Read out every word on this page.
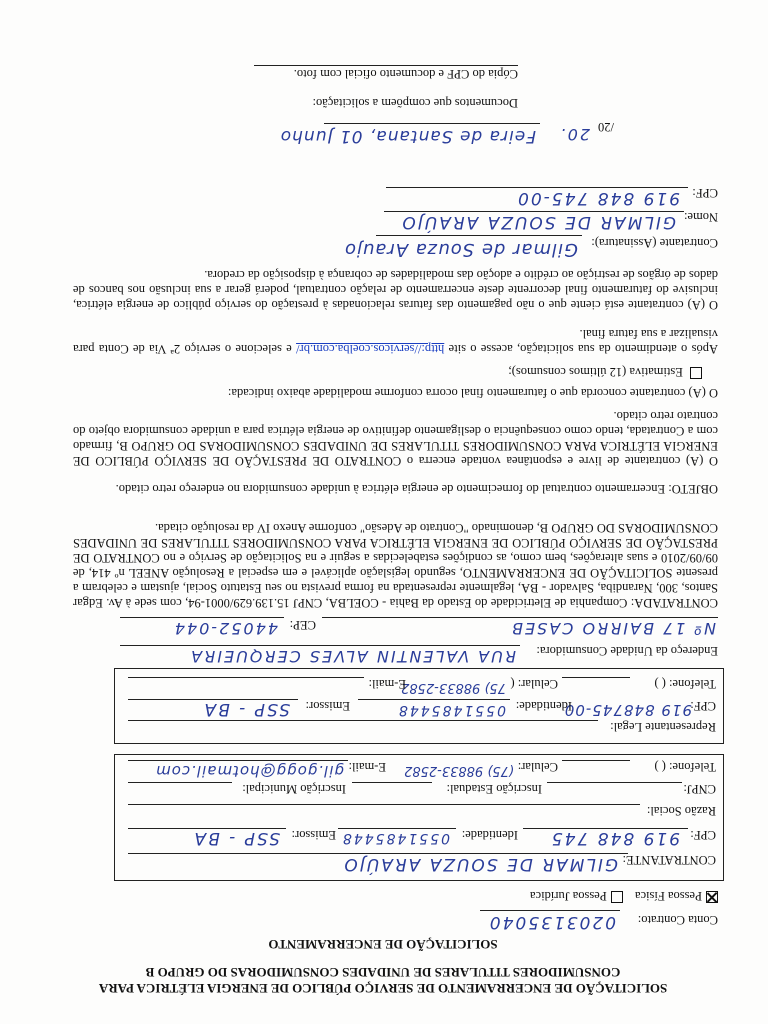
SOLICITAÇÃO DE ENCERRAMENTO DE SERVIÇO PÚBLICO DE ENERGIA ELÉTRICA PARA
CONSUMIDORES TITULARES DE UNIDADES CONSUMIDORAS DO GRUPO B
SOLICITAÇÃO DE ENCERRAMENTO
Conta Contrato:
0203135040
Pessoa Física  Pessoa Jurídica
CONTRATANTE:
GILMAR DE SOUZA ARAÚJO
CPF:
919 848 745
Identidade:
0551485448
Emissor:
SSP - BA
Razão Social:
CNPJ:
Inscrição Estadual:
Inscrição Municipal:
Telefone: ( )
Celular:
(75) 98833-2582
E-mail:
gil.gogg@hotmail.com
Representante Legal:
CPF:
919 848745-00
Identidade:
0551485448
Emissor:
SSP - BA
Telefone: ( )
Celular: (
75) 98833-2582
E-mail:
Endereço da Unidade Consumidora:
RUA VALENTIN ALVES CERQUEIRA
Nº 17 BAIRRO CASEB
CEP:
44052-044
CONTRATADA: Companhia de Eletricidade do Estado da Bahia - COELBA, CNPJ 15.139.629/0001-94, com sede à Av. Edgar Santos, 300, Narandiba, Salvador - BA, legalmente representada na forma prevista no seu Estatuto Social, ajustam e celebram a presente SOLICITAÇÃO DE ENCERRAMENTO, segundo legislação aplicável e em especial a Resolução ANEEL nº 414, de 09/09/2010 e suas alterações, bem como, as condições estabelecidas a seguir e na Solicitação de Serviço e no CONTRATO DE PRESTAÇÃO DE SERVIÇO PÚBLICO DE ENERGIA ELÉTRICA PARA CONSUMIDORES TITULARES DE UNIDADES CONSUMIDORAS DO GRUPO B, denominado "Contrato de Adesão" conforme Anexo IV da resolução citada.
OBJETO: Encerramento contratual do fornecimento de energia elétrica à unidade consumidora no endereço retro citado.
O (A) contratante de livre e espontânea vontade encerra o CONTRATO DE PRESTAÇÃO DE SERVIÇO PÚBLICO DE ENERGIA ELÉTRICA PARA CONSUMIDORES TITULARES DE UNIDADES CONSUMIDORAS DO GRUPO B, firmado com a Contratada, tendo como consequência o desligamento definitivo de energia elétrica para a unidade consumidora objeto do contrato retro citado.
O (A) contratante concorda que o faturamento final ocorra conforme modalidade abaixo indicada:
Estimativa (12 últimos consumos);
Após o atendimento da sua solicitação, acesse o site http://servicos.coelba.com.br/ e selecione o serviço 2ª Via de Conta para visualizar a sua fatura final.
O (A) contratante está ciente que o não pagamento das faturas relacionadas à prestação do serviço público de energia elétrica, inclusive do faturamento final decorrente deste encerramento de relação contratual, poderá gerar a sua inclusão nos bancos de dados de órgãos de restrição ao crédito e adoção das modalidades de cobrança à disposição da credora.
Contratante (Assinatura):
Gilmar de Souza Araujo
Nome:
GILMAR DE SOUZA ARAÚJO
CPF:
919 848 745-00
Feira de Santana, 01 Junho	/20
20.
Documentos que compõem a solicitação:
Cópia do CPF e documento oficial com foto.
